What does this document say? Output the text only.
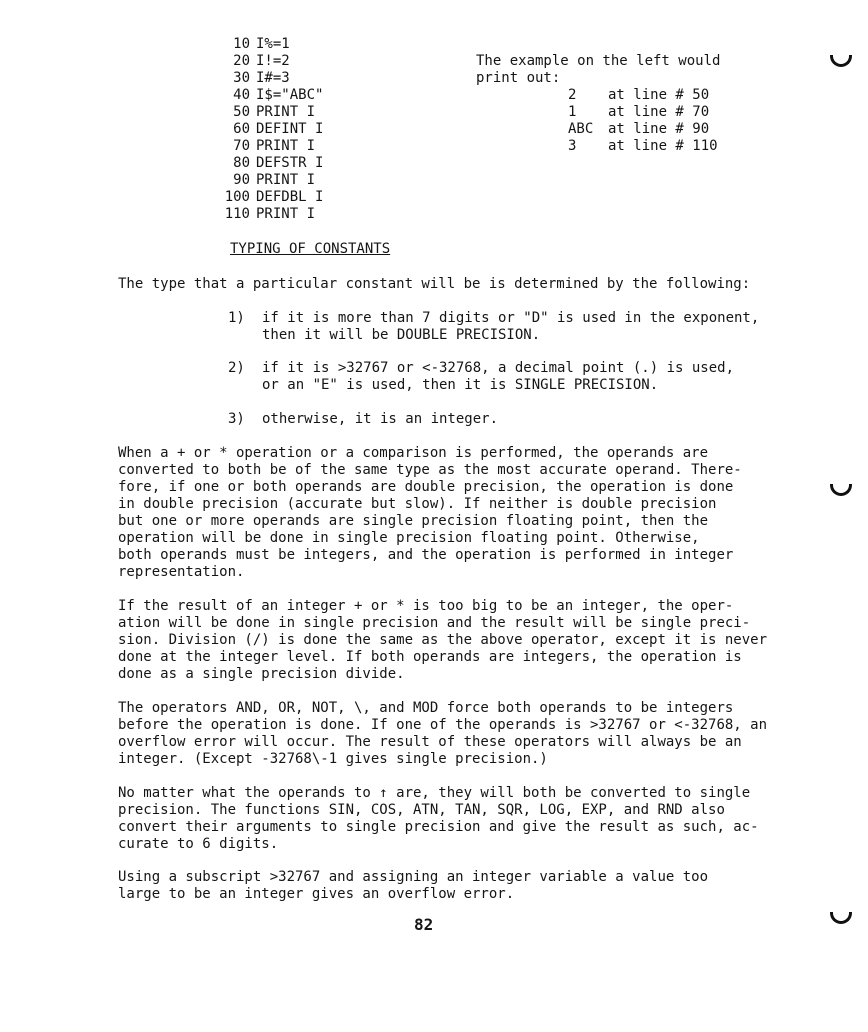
10 I%=1
20 I!=2
30 I#=3
40 I$="ABC"
50 PRINT I
60 DEFINT I
70 PRINT I
80 DEFSTR I
90 PRINT I
100 DEFDBL I
110 PRINT I
The example on the left would
print out:
2 at line # 50
1 at line # 70
ABC at line # 90
3 at line # 110
TYPING OF CONSTANTS
The type that a particular constant will be is determined by the following:
1) if it is more than 7 digits or "D" is used in the exponent,
then it will be DOUBLE PRECISION.
2) if it is >32767 or <-32768, a decimal point (.) is used,
or an "E" is used, then it is SINGLE PRECISION.
3) otherwise, it is an integer.
When a + or * operation or a comparison is performed, the operands are
converted to both be of the same type as the most accurate operand. There-
fore, if one or both operands are double precision, the operation is done
in double precision (accurate but slow). If neither is double precision
but one or more operands are single precision floating point, then the
operation will be done in single precision floating point. Otherwise,
both operands must be integers, and the operation is performed in integer
representation.
If the result of an integer + or * is too big to be an integer, the oper-
ation will be done in single precision and the result will be single preci-
sion. Division (/) is done the same as the above operator, except it is never
done at the integer level. If both operands are integers, the operation is
done as a single precision divide.
The operators AND, OR, NOT, \, and MOD force both operands to be integers
before the operation is done. If one of the operands is >32767 or <-32768, an
overflow error will occur. The result of these operators will always be an
integer. (Except -32768\-1 gives single precision.)
No matter what the operands to ↑ are, they will both be converted to single
precision. The functions SIN, COS, ATN, TAN, SQR, LOG, EXP, and RND also
convert their arguments to single precision and give the result as such, ac-
curate to 6 digits.
Using a subscript >32767 and assigning an integer variable a value too
large to be an integer gives an overflow error.
82
